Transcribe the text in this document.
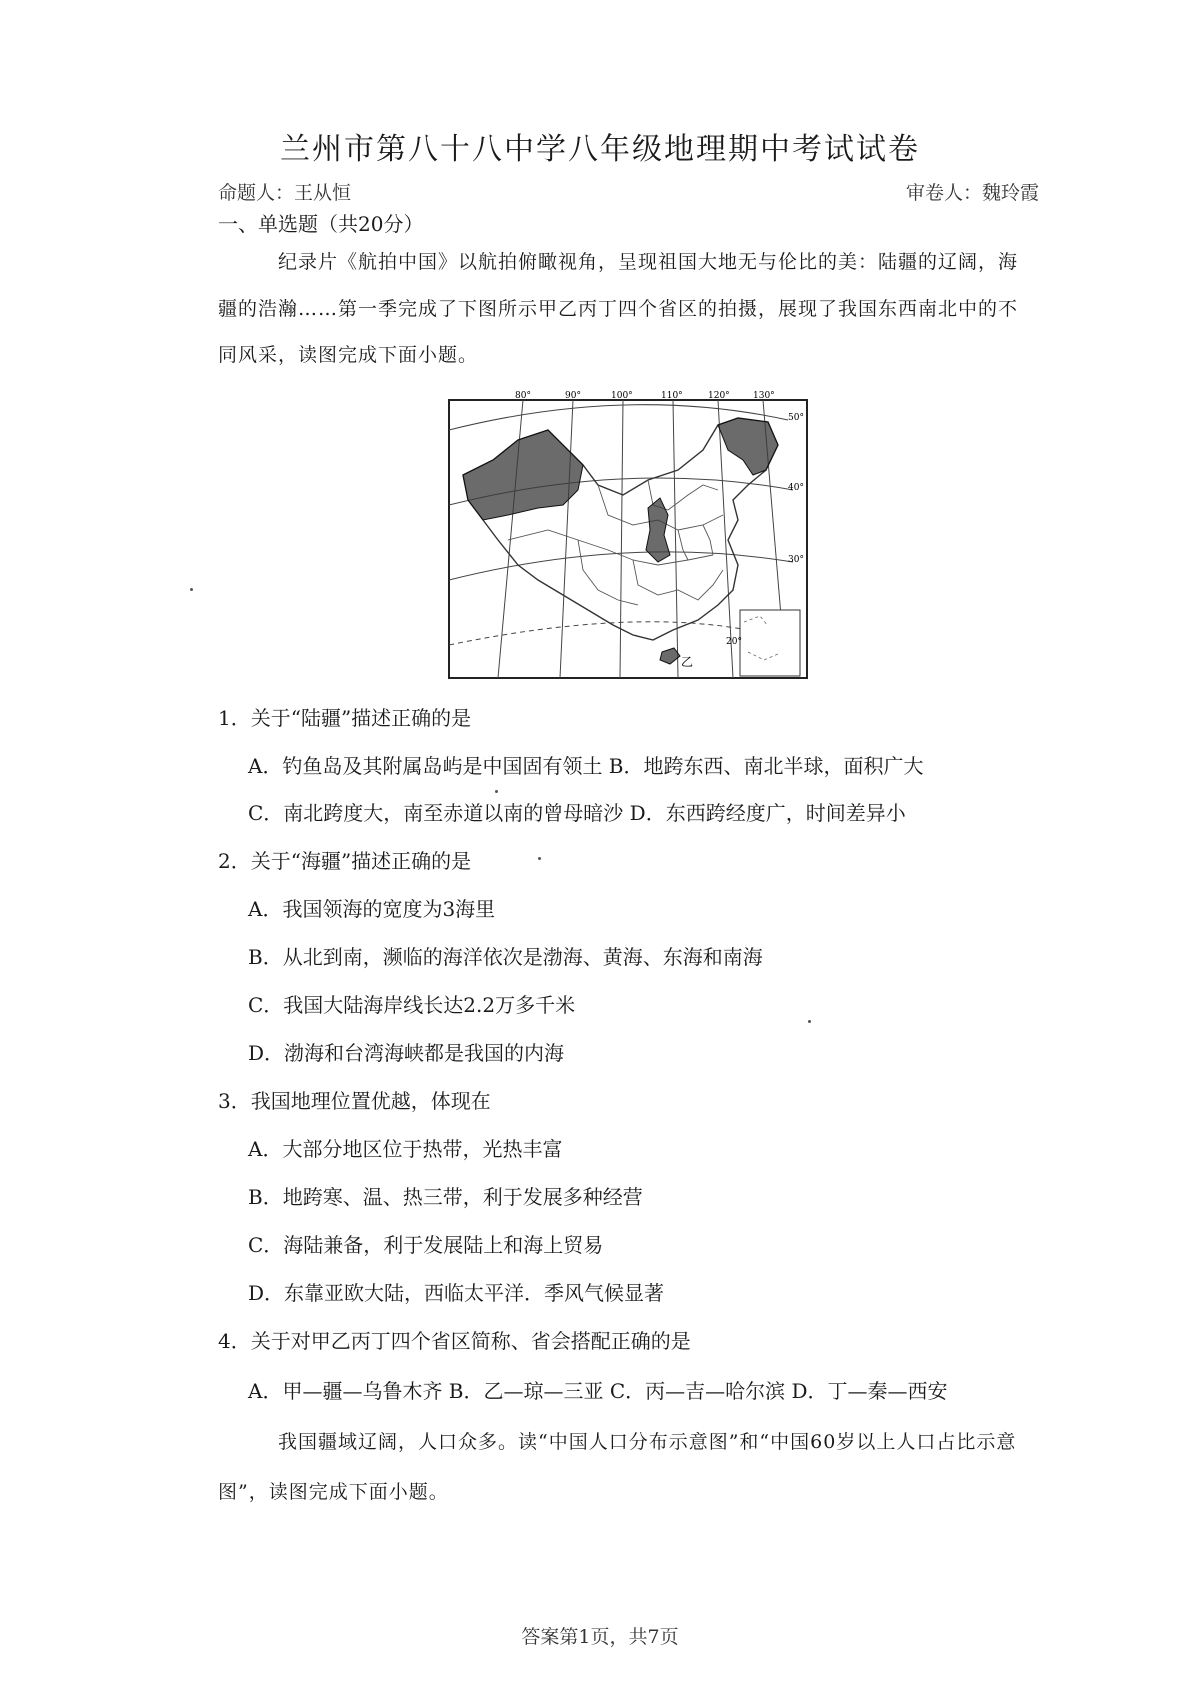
兰州市第八十八中学八年级地理期中考试试卷
命题人：王从恒	审卷人：魏玲霞
一、单选题（共20分）
纪录片《航拍中国》以航拍俯瞰视角，呈现祖国大地无与伦比的美：陆疆的辽阔，海
疆的浩瀚……第一季完成了下图所示甲乙丙丁四个省区的拍摄，展现了我国东西南北中的不
同风采，读图完成下面小题。
80°	90°	100°	110°	120°	130°
50°
40°
30°
20°
乙
1．关于“陆疆”描述正确的是
A．钓鱼岛及其附属岛屿是中国固有领土 B．地跨东西、南北半球，面积广大
C．南北跨度大，南至赤道以南的曾母暗沙 D．东西跨经度广，时间差异小
2．关于“海疆”描述正确的是
A．我国领海的宽度为3海里
B．从北到南，濒临的海洋依次是渤海、黄海、东海和南海
C．我国大陆海岸线长达2.2万多千米
D．渤海和台湾海峡都是我国的内海
3．我国地理位置优越，体现在
A．大部分地区位于热带，光热丰富
B．地跨寒、温、热三带，利于发展多种经营
C．海陆兼备，利于发展陆上和海上贸易
D．东靠亚欧大陆，西临太平洋．季风气候显著
4．关于对甲乙丙丁四个省区简称、省会搭配正确的是
A．甲—疆—乌鲁木齐 B．乙—琼—三亚 C．丙—吉—哈尔滨 D．丁—秦—西安
我国疆域辽阔，人口众多。读“中国人口分布示意图”和“中国60岁以上人口占比示意
图”，读图完成下面小题。
答案第1页，共7页
